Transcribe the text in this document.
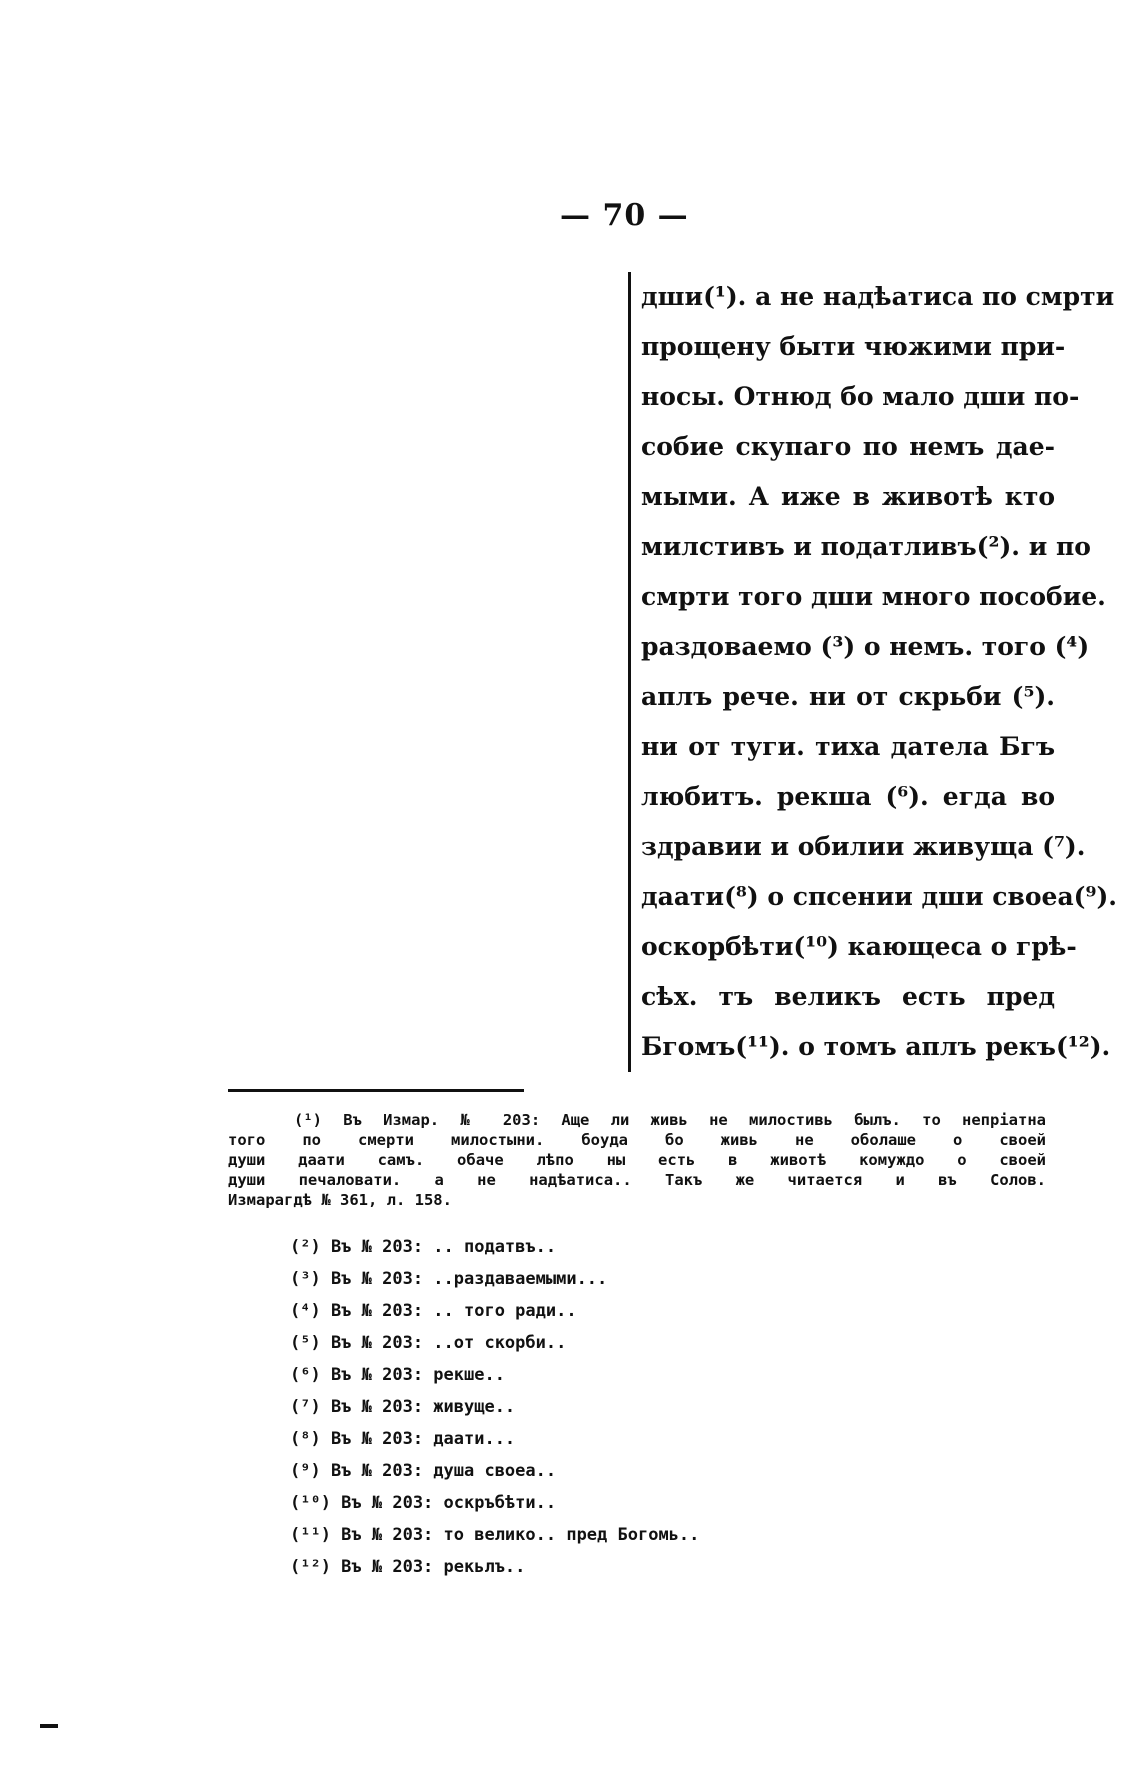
— 70 —
дши(¹). а не надѣатиса по смрти
прощену быти чюжими при-
носы. Отнюд бо мало дши по-
собие скупаго по немъ дае-
мыми. А иже в животѣ кто
милстивъ и податливъ(²). и по
смрти того дши много пособие.
раздоваемо (³) о немъ. того (⁴)
аплъ рече. ни от скрьби (⁵).
ни от туги. тиха датела Бгъ
любитъ. рекша (⁶). егда во
здравии и обилии живуща (⁷).
даати(⁸) о спсении дши своеа(⁹).
оскорбѣти(¹⁰) кающеса о грѣ-
сѣх. тъ великъ есть пред
Бгомъ(¹¹). о томъ аплъ рекъ(¹²).
(¹) Въ Измар. № 203: Аще ли живь не милостивь былъ. то непрiатна
того по смерти милостыни. боуда бо живь не оболаше о своей
души даати самъ. обаче лѣпо ны есть в животѣ комуждо о своей
души печаловати. а не надѣатиса.. Такъ же читается и въ Солов.
Измарагдѣ № 361, л. 158.
(²) Въ № 203: .. податвъ..
(³) Въ № 203: ..раздаваемыми...
(⁴) Въ № 203: .. того ради..
(⁵) Въ № 203: ..от скорби..
(⁶) Въ № 203: рекше..
(⁷) Въ № 203: живуще..
(⁸) Въ № 203: даати...
(⁹) Въ № 203: душа своеа..
(¹⁰) Въ № 203: оскръбѣти..
(¹¹) Въ № 203: то велико.. пред Богомь..
(¹²) Въ № 203: рекьлъ..
